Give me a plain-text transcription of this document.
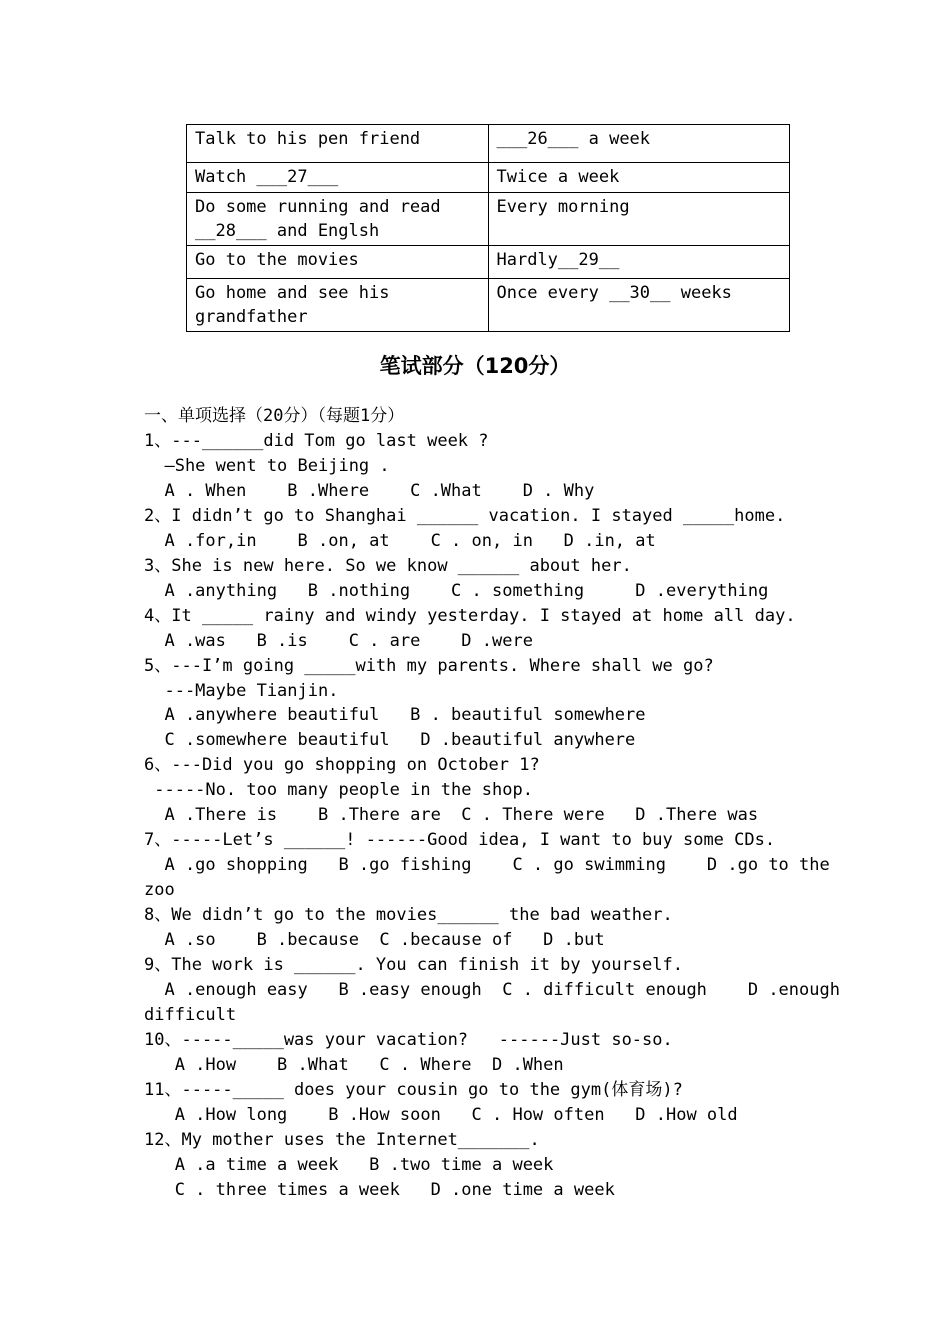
Talk to his pen friend	___26___ a week
Watch ___27___	Twice a week
Do some running and read __28___ and Englsh	Every morning
Go to the movies	Hardly__29__
Go home and see his grandfather	Once every __30__ weeks
笔试部分（120分）
一、单项选择（20分）（每题1分）
1、---______did Tom go last week ?
—She went to Beijing .
A . When    B .Where    C .What    D . Why
2、I didn’t go to Shanghai ______ vacation. I stayed _____home.
A .for,in    B .on, at    C . on, in   D .in, at
3、She is new here. So we know ______ about her.
A .anything   B .nothing    C . something     D .everything
4、It _____ rainy and windy yesterday. I stayed at home all day.
A .was   B .is    C . are    D .were
5、---I’m going _____with my parents. Where shall we go?
---Maybe Tianjin.
A .anywhere beautiful   B . beautiful somewhere
C .somewhere beautiful   D .beautiful anywhere
6、---Did you go shopping on October 1?
-----No. too many people in the shop.
A .There is    B .There are  C . There were   D .There was
7、-----Let’s ______! ------Good idea, I want to buy some CDs.
A .go shopping   B .go fishing    C . go swimming    D .go to the
zoo
8、We didn’t go to the movies______ the bad weather.
A .so    B .because  C .because of   D .but
9、The work is ______. You can finish it by yourself.
A .enough easy   B .easy enough  C . difficult enough    D .enough
difficult
10、-----_____was your vacation?   ------Just so-so.
A .How    B .What   C . Where  D .When
11、-----_____ does your cousin go to the gym(体育场)?
A .How long    B .How soon   C . How often   D .How old
12、My mother uses the Internet_______.
A .a time a week   B .two time a week
C . three times a week   D .one time a week
